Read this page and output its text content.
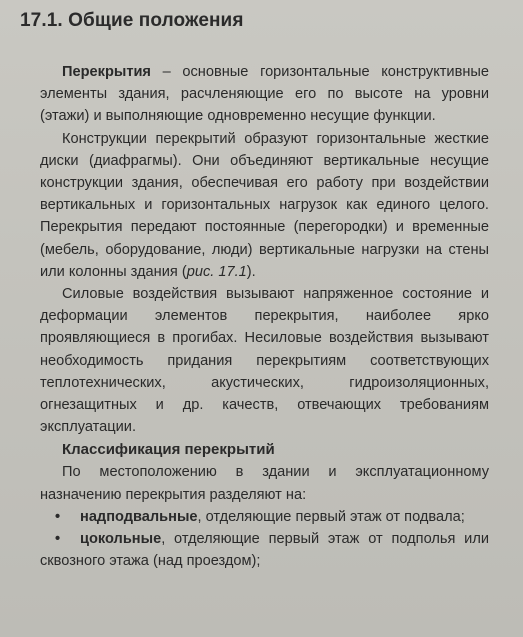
17.1. Общие положения

Перекрытия – основные горизонтальные конструктивные элементы здания, расчленяющие его по высоте на уровни (этажи) и выполняющие одновременно несущие функции.

Конструкции перекрытий образуют горизонтальные жесткие диски (диафрагмы). Они объединяют вертикальные несущие конструкции здания, обеспечивая его работу при воздействии вертикальных и горизонтальных нагрузок как единого целого. Перекрытия передают постоянные (перегородки) и временные (мебель, оборудование, люди) вертикальные нагрузки на стены или колонны здания (рис. 17.1).

Силовые воздействия вызывают напряженное состояние и деформации элементов перекрытия, наиболее ярко проявляющиеся в прогибах. Несиловые воздействия вызывают необходимость придания перекрытиям соответствующих теплотехнических, акустических, гидроизоляционных, огнезащитных и др. качеств, отвечающих требованиям эксплуатации.

Классификация перекрытий

По местоположению в здании и эксплуатационному назначению перекрытия разделяют на:

•	надподвальные, отделяющие первый этаж от подвала;

•	цокольные, отделяющие первый этаж от подполья или сквозного этажа (над проездом);
